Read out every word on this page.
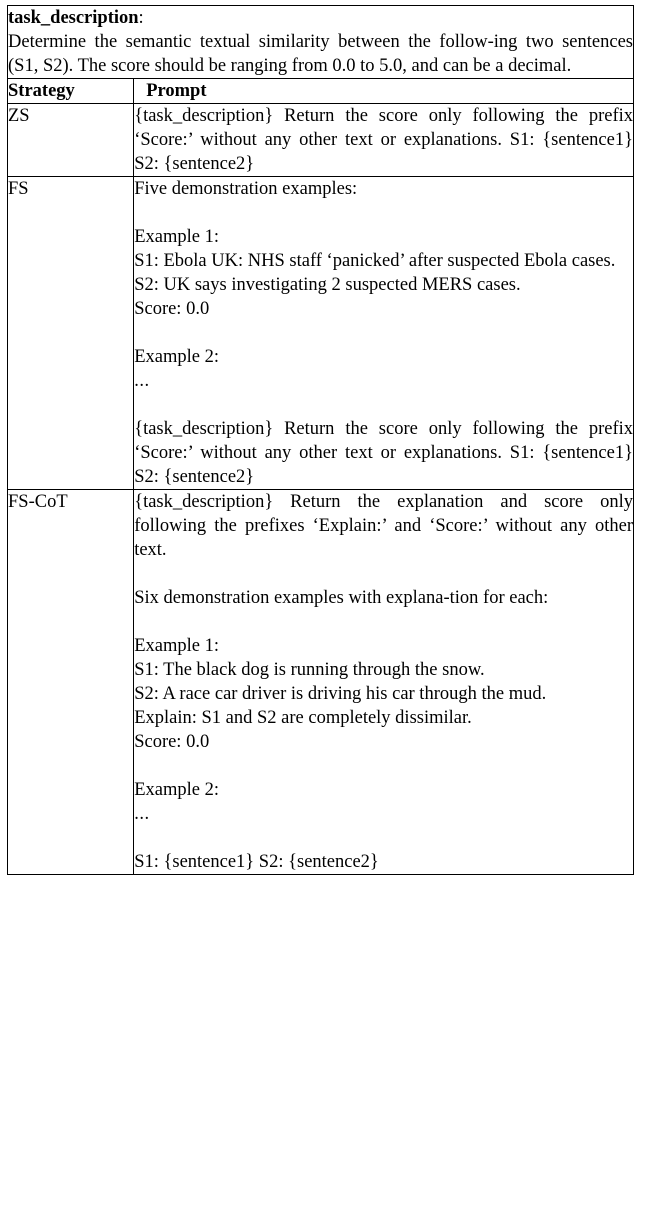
task_description:
Determine the semantic textual similarity between the follow‐ing two sentences (S1, S2). The score should be ranging from 0.0 to 5.0, and can be a decimal.	

Strategy	Prompt
ZS	{task_description} Return the score only following the prefix ‘Score:’ without any other text or explanations. S1: {sentence1} S2: {sentence2}

FS	Five demonstration examples:

Example 1:
S1: Ebola UK: NHS staff ‘panicked’ after suspected Ebola cases.
S2: UK says investigating 2 suspected MERS cases.
Score: 0.0

Example 2:
...

{task_description} Return the score only following the prefix ‘Score:’ without any other text or explanations. S1: {sentence1} S2: {sentence2}

FS-CoT	{task_description} Return the explanation and score only following the prefixes ‘Explain:’ and ‘Score:’ without any other text.

Six demonstration examples with explana‐tion for each:

Example 1:
S1: The black dog is running through the snow.
S2: A race car driver is driving his car through the mud.
Explain: S1 and S2 are completely dissimilar.
Score: 0.0

Example 2:
...

S1: {sentence1} S2: {sentence2}
